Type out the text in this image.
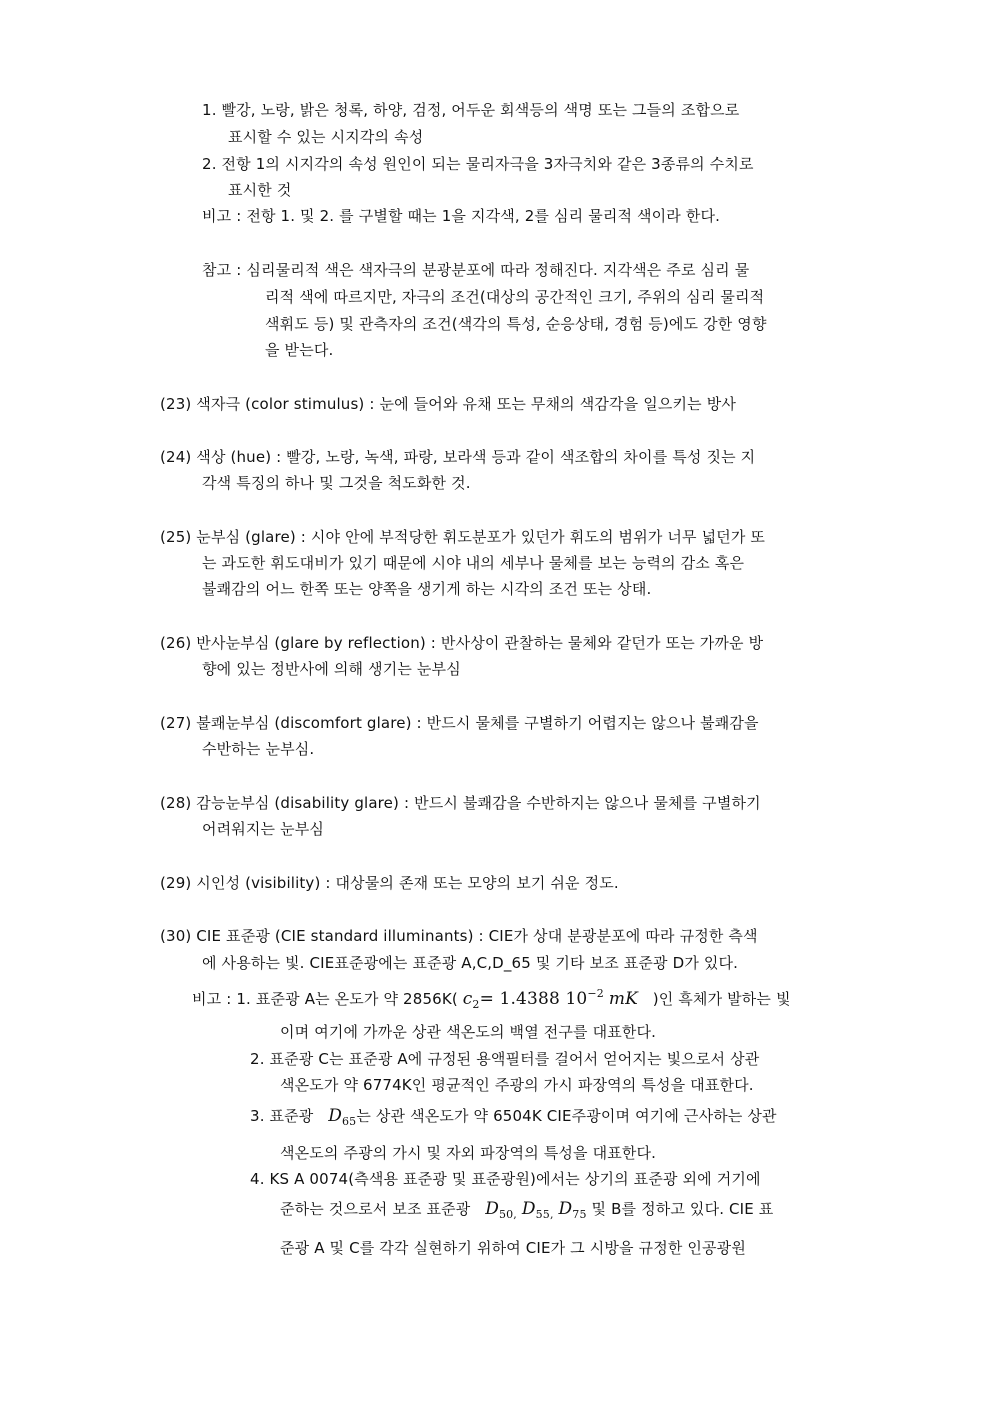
1. 빨강, 노랑, 밝은 청록, 하양, 검정, 어두운 회색등의 색명 또는 그들의 조합으로
표시할 수 있는 시지각의 속성
2. 전항 1의 시지각의 속성 원인이 되는 물리자극을 3자극치와 같은 3종류의 수치로
표시한 것
비고 : 전항 1. 및 2. 를 구별할 때는 1을 지각색, 2를 심리 물리적 색이라 한다.
참고 : 심리물리적 색은 색자극의 분광분포에 따라 정해진다. 지각색은 주로 심리 물
리적 색에 따르지만, 자극의 조건(대상의 공간적인 크기, 주위의 심리 물리적
색휘도 등) 및 관측자의 조건(색각의 특성, 순응상태, 경험 등)에도 강한 영향
을 받는다.
(23) 색자극 (color stimulus) : 눈에 들어와 유채 또는 무채의 색감각을 일으키는 방사
(24) 색상 (hue) : 빨강, 노랑, 녹색, 파랑, 보라색 등과 같이 색조합의 차이를 특성 짓는 지
각색 특징의 하나 및 그것을 척도화한 것.
(25) 눈부심 (glare) : 시야 안에 부적당한 휘도분포가 있던가 휘도의 범위가 너무 넓던가 또
는 과도한 휘도대비가 있기 때문에 시야 내의 세부나 물체를 보는 능력의 감소 혹은
불쾌감의 어느 한쪽 또는 양쪽을 생기게 하는 시각의 조건 또는 상태.
(26) 반사눈부심 (glare by reflection) : 반사상이 관찰하는 물체와 같던가 또는 가까운 방
향에 있는 정반사에 의해 생기는 눈부심
(27) 불쾌눈부심 (discomfort glare) : 반드시 물체를 구별하기 어렵지는 않으나 불쾌감을
수반하는 눈부심.
(28) 감능눈부심 (disability glare) : 반드시 불쾌감을 수반하지는 않으나 물체를 구별하기
어려워지는 눈부심
(29) 시인성 (visibility) : 대상물의 존재 또는 모양의 보기 쉬운 정도.
(30) CIE 표준광 (CIE standard illuminants) : CIE가 상대 분광분포에 따라 규정한 측색
에 사용하는 빛. CIE표준광에는 표준광 A,C,D_65 및 기타 보조 표준광 D가 있다.
비고 : 1. 표준광 A는 온도가 약 2856K( $c_2= 1.4388$ $10^{-2}$ mK )인 흑체가 발하는 빛
이며 여기에 가까운 상관 색온도의 백열 전구를 대표한다.
2. 표준광 C는 표준광 A에 규정된 용액필터를 걸어서 얻어지는 빛으로서 상관
색온도가 약 6774K인 평균적인 주광의 가시 파장역의 특성을 대표한다.
3. 표준광 $D_{65}$는 상관 색온도가 약 6504K CIE주광이며 여기에 근사하는 상관
색온도의 주광의 가시 및 자외 파장역의 특성을 대표한다.
4. KS A 0074(측색용 표준광 및 표준광원)에서는 상기의 표준광 외에 거기에
준하는 것으로서 보조 표준광 $D_{50,}$ $D_{55,}$ $D_{75}$ 및 B를 정하고 있다. CIE 표
준광 A 및 C를 각각 실현하기 위하여 CIE가 그 시방을 규정한 인공광원
